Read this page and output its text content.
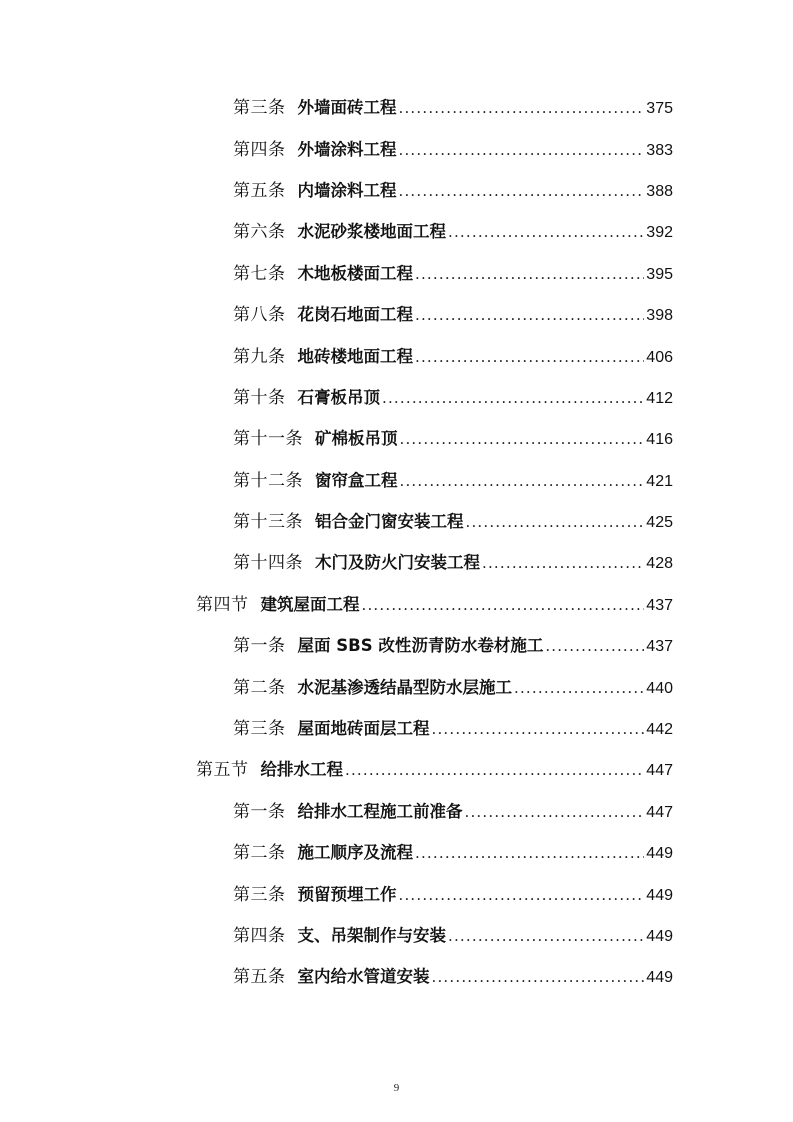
第三条 外墙面砖工程 .....	375
第四条 外墙涂料工程 .....	383
第五条 内墙涂料工程 .....	388
第六条 水泥砂浆楼地面工程 .....	392
第七条 木地板楼面工程 .....	395
第八条 花岗石地面工程 .....	398
第九条 地砖楼地面工程 .....	406
第十条 石膏板吊顶 .....	412
第十一条 矿棉板吊顶 .....	416
第十二条 窗帘盒工程 .....	421
第十三条 铝合金门窗安装工程 .....	425
第十四条 木门及防火门安装工程 .....	428
第四节 建筑屋面工程 .....	437
第一条 屋面 SBS 改性沥青防水卷材施工 .....	437
第二条 水泥基渗透结晶型防水层施工 .....	440
第三条 屋面地砖面层工程 .....	442
第五节 给排水工程 .....	447
第一条 给排水工程施工前准备 .....	447
第二条 施工顺序及流程 .....	449
第三条 预留预埋工作 .....	449
第四条 支、吊架制作与安装 .....	449
第五条 室内给水管道安装 .....	449
9
